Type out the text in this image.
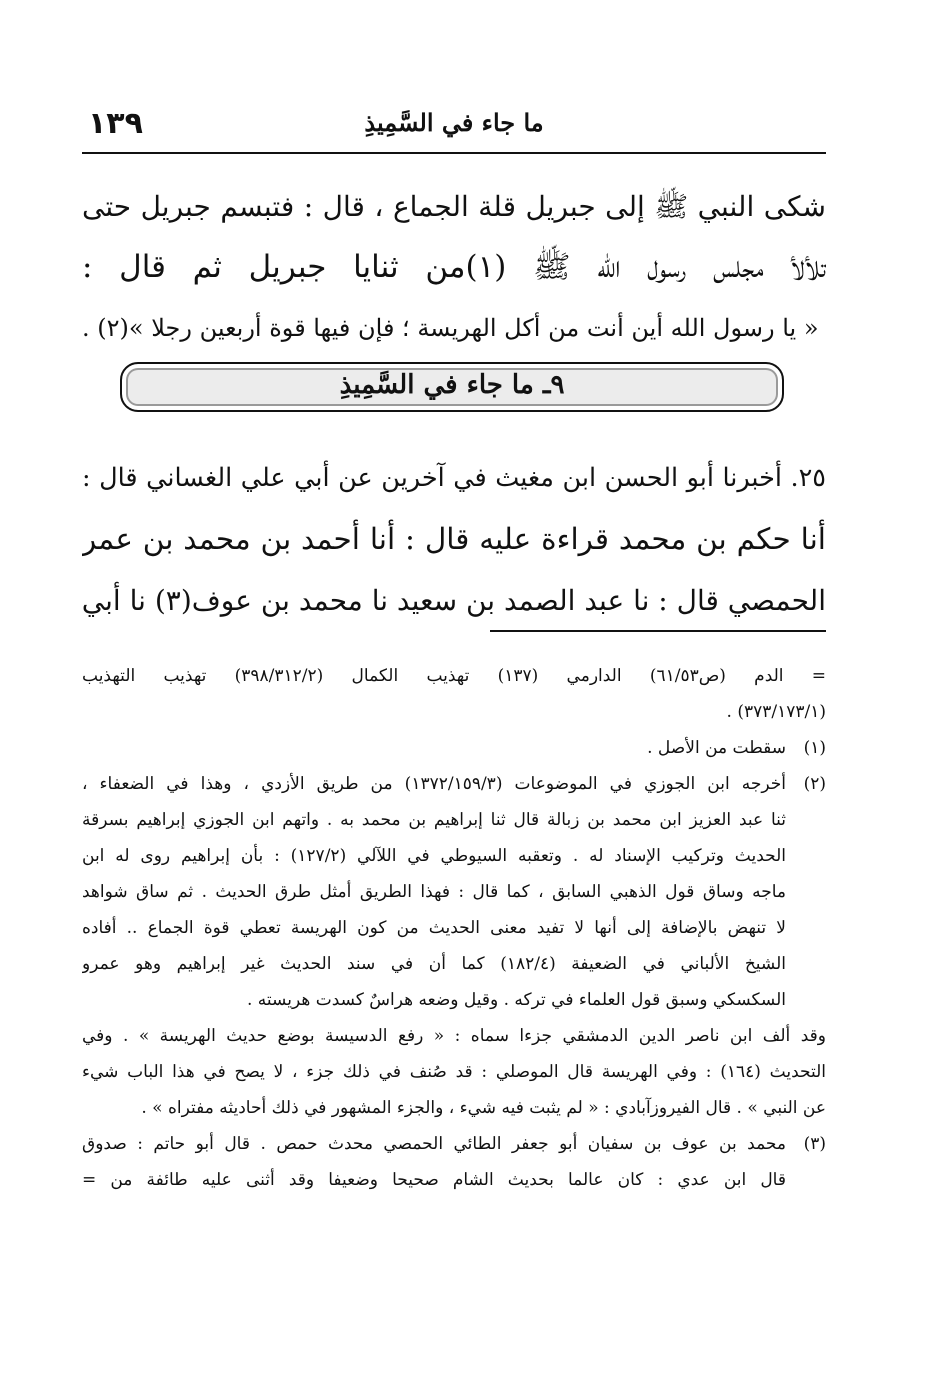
١٣٩	ما جاء في السَّمِيذِ
شكى النبي ﷺ إلى جبريل قلة الجماع ، قال : فتبسم جبريل حتى
تلألأ مجلس رسول الله ﷺ (١)من ثنايا جبريل ثم قال :
« يا رسول الله أين أنت من أكل الهريسة ؛ فإن فيها قوة أربعين رجلا »(٢) .
٩ـ ما جاء في السَّمِيذِ
٢٥. أخبرنا أبو الحسن ابن مغيث في آخرين عن أبي علي الغساني قال :
أنا حكم بن محمد قراءة عليه قال : أنا أحمد بن محمد بن عمر
الحمصي قال : نا عبد الصمد بن سعيد نا محمد بن عوف(٣) نا أبي
= الدم (ص٦١/٥٣) الدارمي (١٣٧) تهذيب الكمال (٣٩٨/٣١٢/٢) تهذيب التهذيب
(٣٧٣/١٧٣/١) .
(١)
سقطت من الأصل .
(٢)
أخرجه ابن الجوزي في الموضوعات (١٣٧٢/١٥٩/٣) من طريق الأزدي ، وهذا في الضعفاء ،
ثنا عبد العزيز ابن محمد بن زبالة قال ثنا إبراهيم بن محمد به . واتهم ابن الجوزي إبراهيم بسرقة
الحديث وتركيب الإسناد له . وتعقبه السيوطي في اللآلي (١٢٧/٢) : بأن إبراهيم روى له ابن
ماجه وساق قول الذهبي السابق ، كما قال : فهذا الطريق أمثل طرق الحديث . ثم ساق شواهد
لا تنهض بالإضافة إلى أنها لا تفيد معنى الحديث من كون الهريسة تعطي قوة الجماع .. أفاده
الشيخ الألباني في الضعيفة (١٨٢/٤) كما أن في سند الحديث غير إبراهيم وهو عمرو
السكسكي وسبق قول العلماء في تركه . وقيل وضعه هراسٌ كسدت هريسته .
وقد ألف ابن ناصر الدين الدمشقي جزءا سماه : « رفع الدسيسة بوضع حديث الهريسة » . وفي
التحديث (١٦٤) : وفي الهريسة قال الموصلي : قد صُنف في ذلك جزء ، لا يصح في هذا الباب شيء
عن النبي » . قال الفيروزآبادي : « لم يثبت فيه شيء ، والجزء المشهور في ذلك أحاديثه مفتراه » .
(٣)
محمد بن عوف بن سفيان أبو جعفر الطائي الحمصي محدث حمص . قال أبو حاتم : صدوق
قال ابن عدي : كان عالما بحديث الشام صحيحا وضعيفا وقد أثنى عليه طائفة من =
